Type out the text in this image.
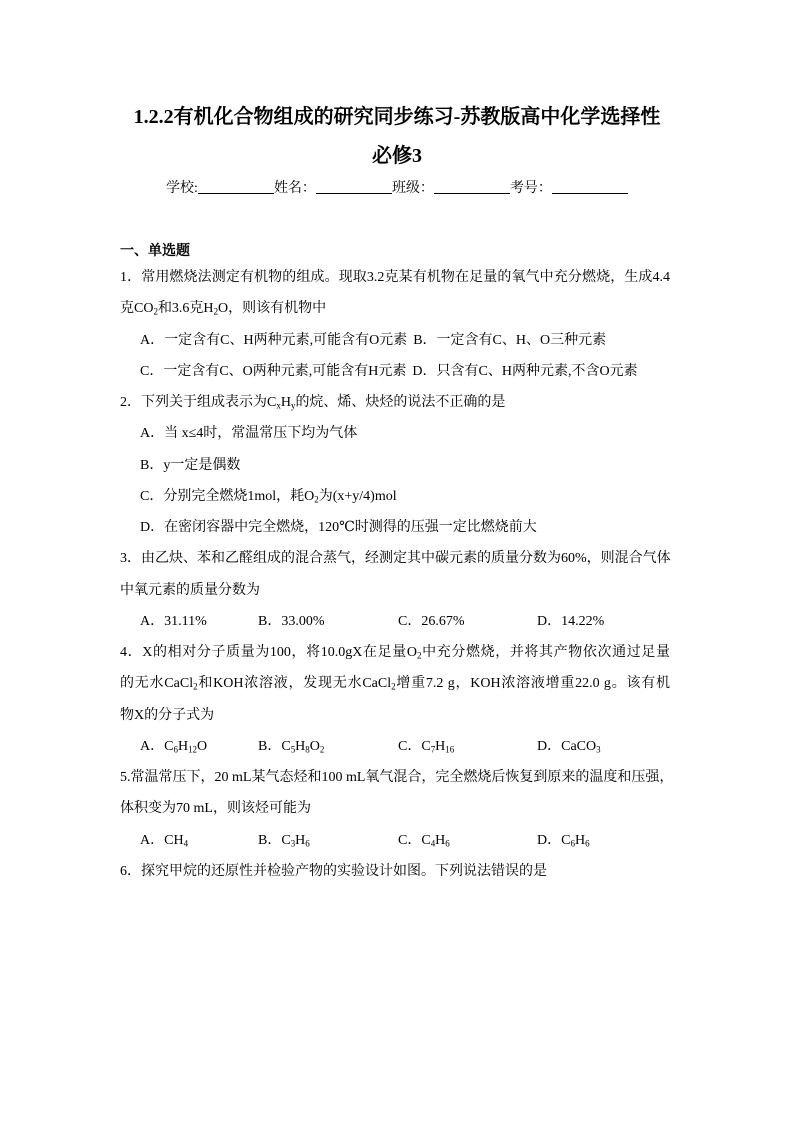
1.2.2有机化合物组成的研究同步练习-苏教版高中化学选择性
必修3
学校:	姓名：	班级：	考号：
一、单选题
1．常用燃烧法测定有机物的组成。现取3.2克某有机物在足量的氧气中充分燃烧，生成4.4
克$CO_2$和3.6克$H_2O$，则该有机物中
A．一定含有C、H两种元素,可能含有O元素 B．一定含有C、H、O三种元素
C．一定含有C、O两种元素,可能含有H元素 D．只含有C、H两种元素,不含O元素
2．下列关于组成表示为$C_xH_y$的烷、烯、炔烃的说法不正确的是
A．当 x≤4时，常温常压下均为气体
B．y一定是偶数
C．分别完全燃烧1mol，耗$O_2$为(x+y/4)mol
D．在密闭容器中完全燃烧，120℃时测得的压强一定比燃烧前大
3．由乙炔、苯和乙醛组成的混合蒸气，经测定其中碳元素的质量分数为60%，则混合气体
中氧元素的质量分数为
A．31.11%	B．33.00%	C．26.67%	D．14.22%
4．X的相对分子质量为100，将10.0gX在足量$O_2$中充分燃烧，并将其产物依次通过足量
的无水CaCl$_2$和KOH浓溶液，发现无水CaCl$_2$增重7.2 g，KOH浓溶液增重22.0 g。该有机
物X的分子式为
A．$C_6H_{12}O$	B．$C_5H_8O_2$	C．$C_7H_{16}$	D．CaCO$_3$
5.常温常压下，20 mL某气态烃和100 mL氧气混合，完全燃烧后恢复到原来的温度和压强，
体积变为70 mL，则该烃可能为
A．$CH_4$	B．$C_3H_6$	C．$C_4H_6$	D．$C_6H_6$
6．探究甲烷的还原性并检验产物的实验设计如图。下列说法错误的是
